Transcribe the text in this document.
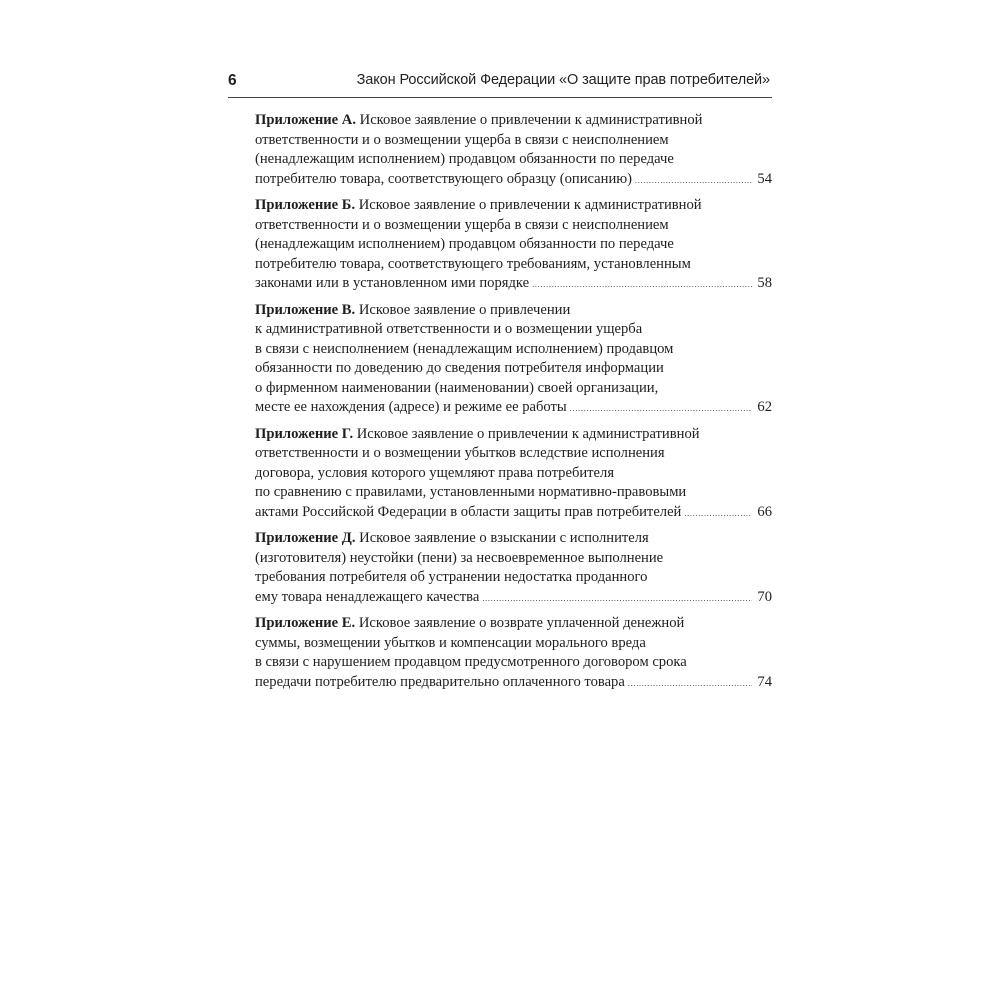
6	Закон Российской Федерации «О защите прав потребителей»
Приложение А. Исковое заявление о привлечении к административной
ответственности и о возмещении ущерба в связи с неисполнением
(ненадлежащим исполнением) продавцом обязанности по передаче
потребителю товара, соответствующего образцу (описанию) . . .	54
Приложение Б. Исковое заявление о привлечении к административной
ответственности и о возмещении ущерба в связи с неисполнением
(ненадлежащим исполнением) продавцом обязанности по передаче
потребителю товара, соответствующего требованиям, установленным
законами или в установленном ими порядке . . .	58
Приложение В. Исковое заявление о привлечении
к административной ответственности и о возмещении ущерба
в связи с неисполнением (ненадлежащим исполнением) продавцом
обязанности по доведению до сведения потребителя информации
о фирменном наименовании (наименовании) своей организации,
месте ее нахождения (адресе) и режиме ее работы . . .	62
Приложение Г. Исковое заявление о привлечении к административной
ответственности и о возмещении убытков вследствие исполнения
договора, условия которого ущемляют права потребителя
по сравнению с правилами, установленными нормативно-правовыми
актами Российской Федерации в области защиты прав потребителей . . .	66
Приложение Д. Исковое заявление о взыскании с исполнителя
(изготовителя) неустойки (пени) за несвоевременное выполнение
требования потребителя об устранении недостатка проданного
ему товара ненадлежащего качества . . .	70
Приложение Е. Исковое заявление о возврате уплаченной денежной
суммы, возмещении убытков и компенсации морального вреда
в связи с нарушением продавцом предусмотренного договором срока
передачи потребителю предварительно оплаченного товара . . .	74
